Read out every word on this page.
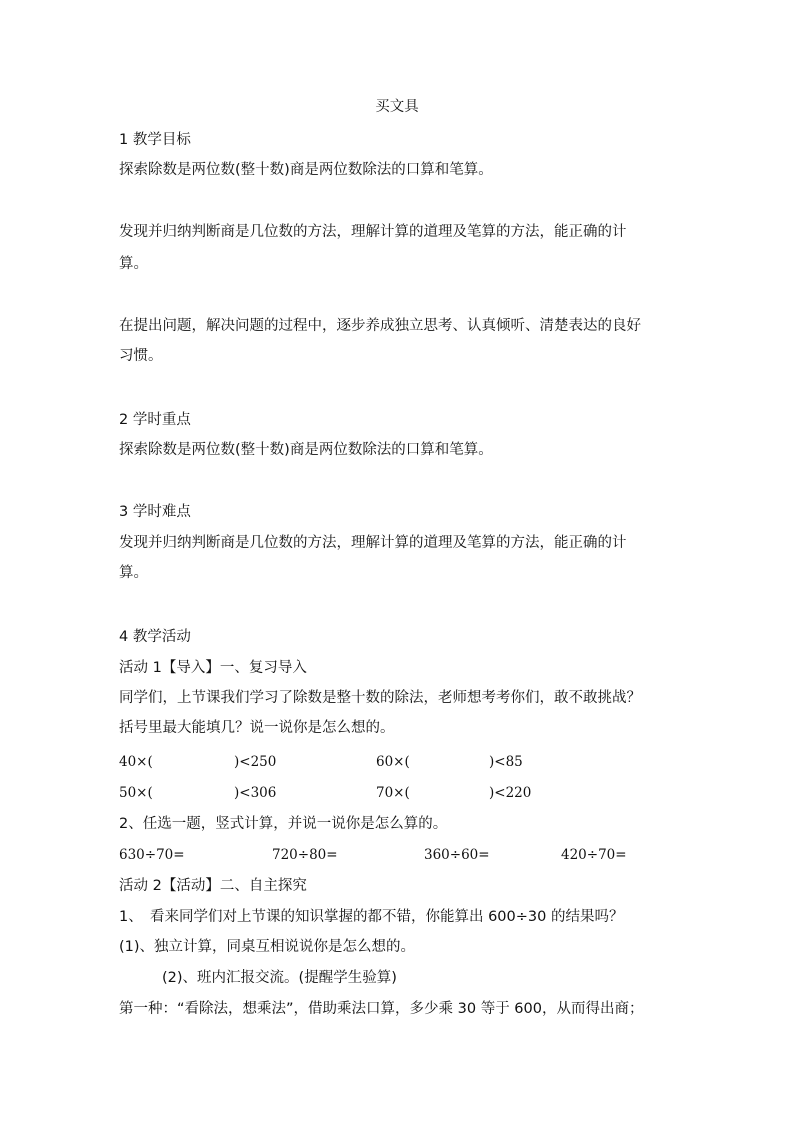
买文具
1 教学目标
探索除数是两位数(整十数)商是两位数除法的口算和笔算。
发现并归纳判断商是几位数的方法，理解计算的道理及笔算的方法，能正确的计
算。
在提出问题，解决问题的过程中，逐步养成独立思考、认真倾听、清楚表达的良好
习惯。
2 学时重点
探索除数是两位数(整十数)商是两位数除法的口算和笔算。
3 学时难点
发现并归纳判断商是几位数的方法，理解计算的道理及笔算的方法，能正确的计
算。
4 教学活动
活动 1【导入】一、复习导入
同学们，上节课我们学习了除数是整十数的除法，老师想考考你们，敢不敢挑战？
括号里最大能填几？说一说你是怎么想的。
40×(	)<250	60×(	)<85
50×(	)<306	70×(	)<220
2、任选一题，竖式计算，并说一说你是怎么算的。
630÷70=	720÷80=	360÷60=	420÷70=
活动 2【活动】二、自主探究
1、　看来同学们对上节课的知识掌握的都不错，你能算出 600÷30 的结果吗？
(1)、独立计算，同桌互相说说你是怎么想的。
(2)、班内汇报交流。(提醒学生验算)
第一种：“看除法，想乘法”，借助乘法口算，多少乘 30 等于 600，从而得出商；
